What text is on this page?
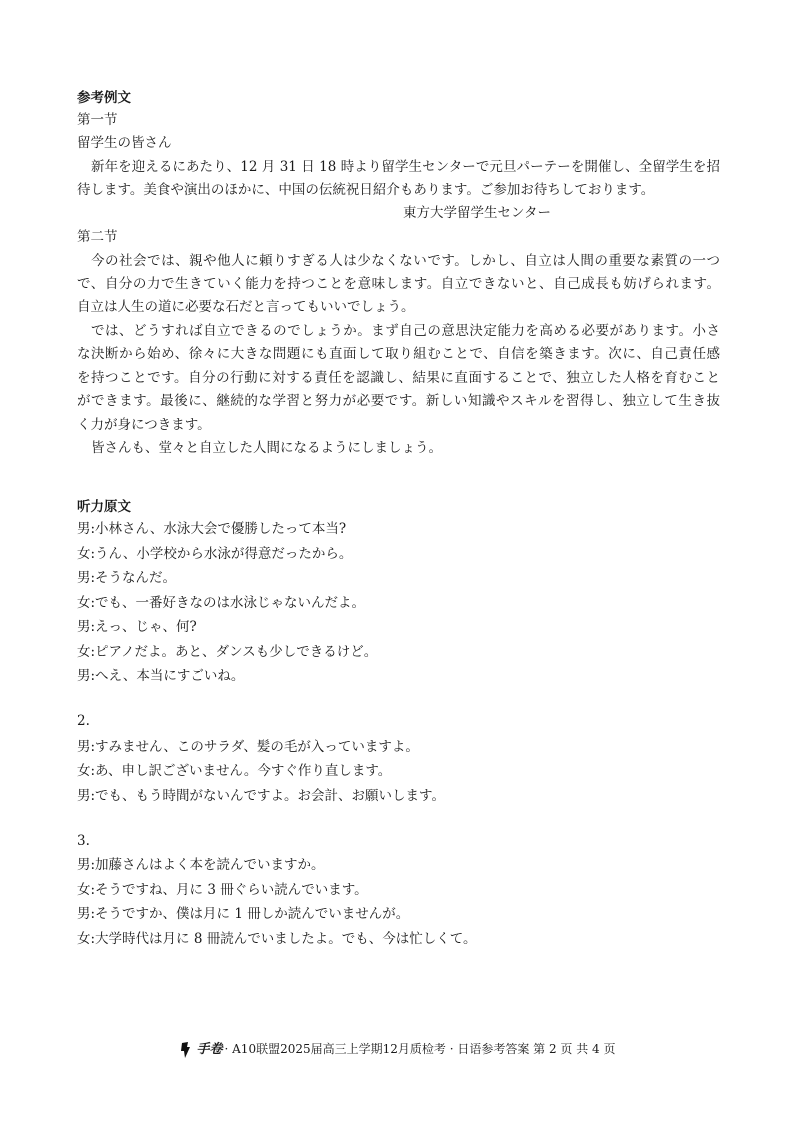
参考例文
第一节
留学生の皆さん
新年を迎えるにあたり、12 月 31 日 18 時より留学生センターで元旦パーテーを開催し、全留学生を招
待します。美食や演出のほかに、中国の伝統祝日紹介もあります。ご参加お待ちしております。
東方大学留学生センター
第二节
今の社会では、親や他人に頼りすぎる人は少なくないです。しかし、自立は人間の重要な素質の一つ
で、自分の力で生きていく能力を持つことを意味します。自立できないと、自己成長も妨げられます。
自立は人生の道に必要な石だと言ってもいいでしょう。
では、どうすれば自立できるのでしょうか。まず自己の意思決定能力を高める必要があります。小さ
な決断から始め、徐々に大きな問題にも直面して取り組むことで、自信を築きます。次に、自己責任感
を持つことです。自分の行動に対する責任を認識し、結果に直面することで、独立した人格を育むこと
ができます。最後に、継続的な学習と努力が必要です。新しい知識やスキルを習得し、独立して生き抜
く力が身につきます。
皆さんも、堂々と自立した人間になるようにしましょう。
听力原文
男:小林さん、水泳大会で優勝したって本当?
女:うん、小学校から水泳が得意だったから。
男:そうなんだ。
女:でも、一番好きなのは水泳じゃないんだよ。
男:えっ、じゃ、何?
女:ピアノだよ。あと、ダンスも少しできるけど。
男:へえ、本当にすごいね。
2.
男:すみません、このサラダ、髪の毛が入っていますよ。
女:あ、申し訳ございません。今すぐ作り直します。
男:でも、もう時間がないんですよ。お会計、お願いします。
3.
男:加藤さんはよく本を読んでいますか。
女:そうですね、月に 3 冊ぐらい読んでいます。
男:そうですか、僕は月に 1 冊しか読んでいませんが。
女:大学時代は月に 8 冊読んでいましたよ。でも、今は忙しくて。
手卷 · A10联盟2025届高三上学期12月质检考 · 日语参考答案 第 2 页 共 4 页
